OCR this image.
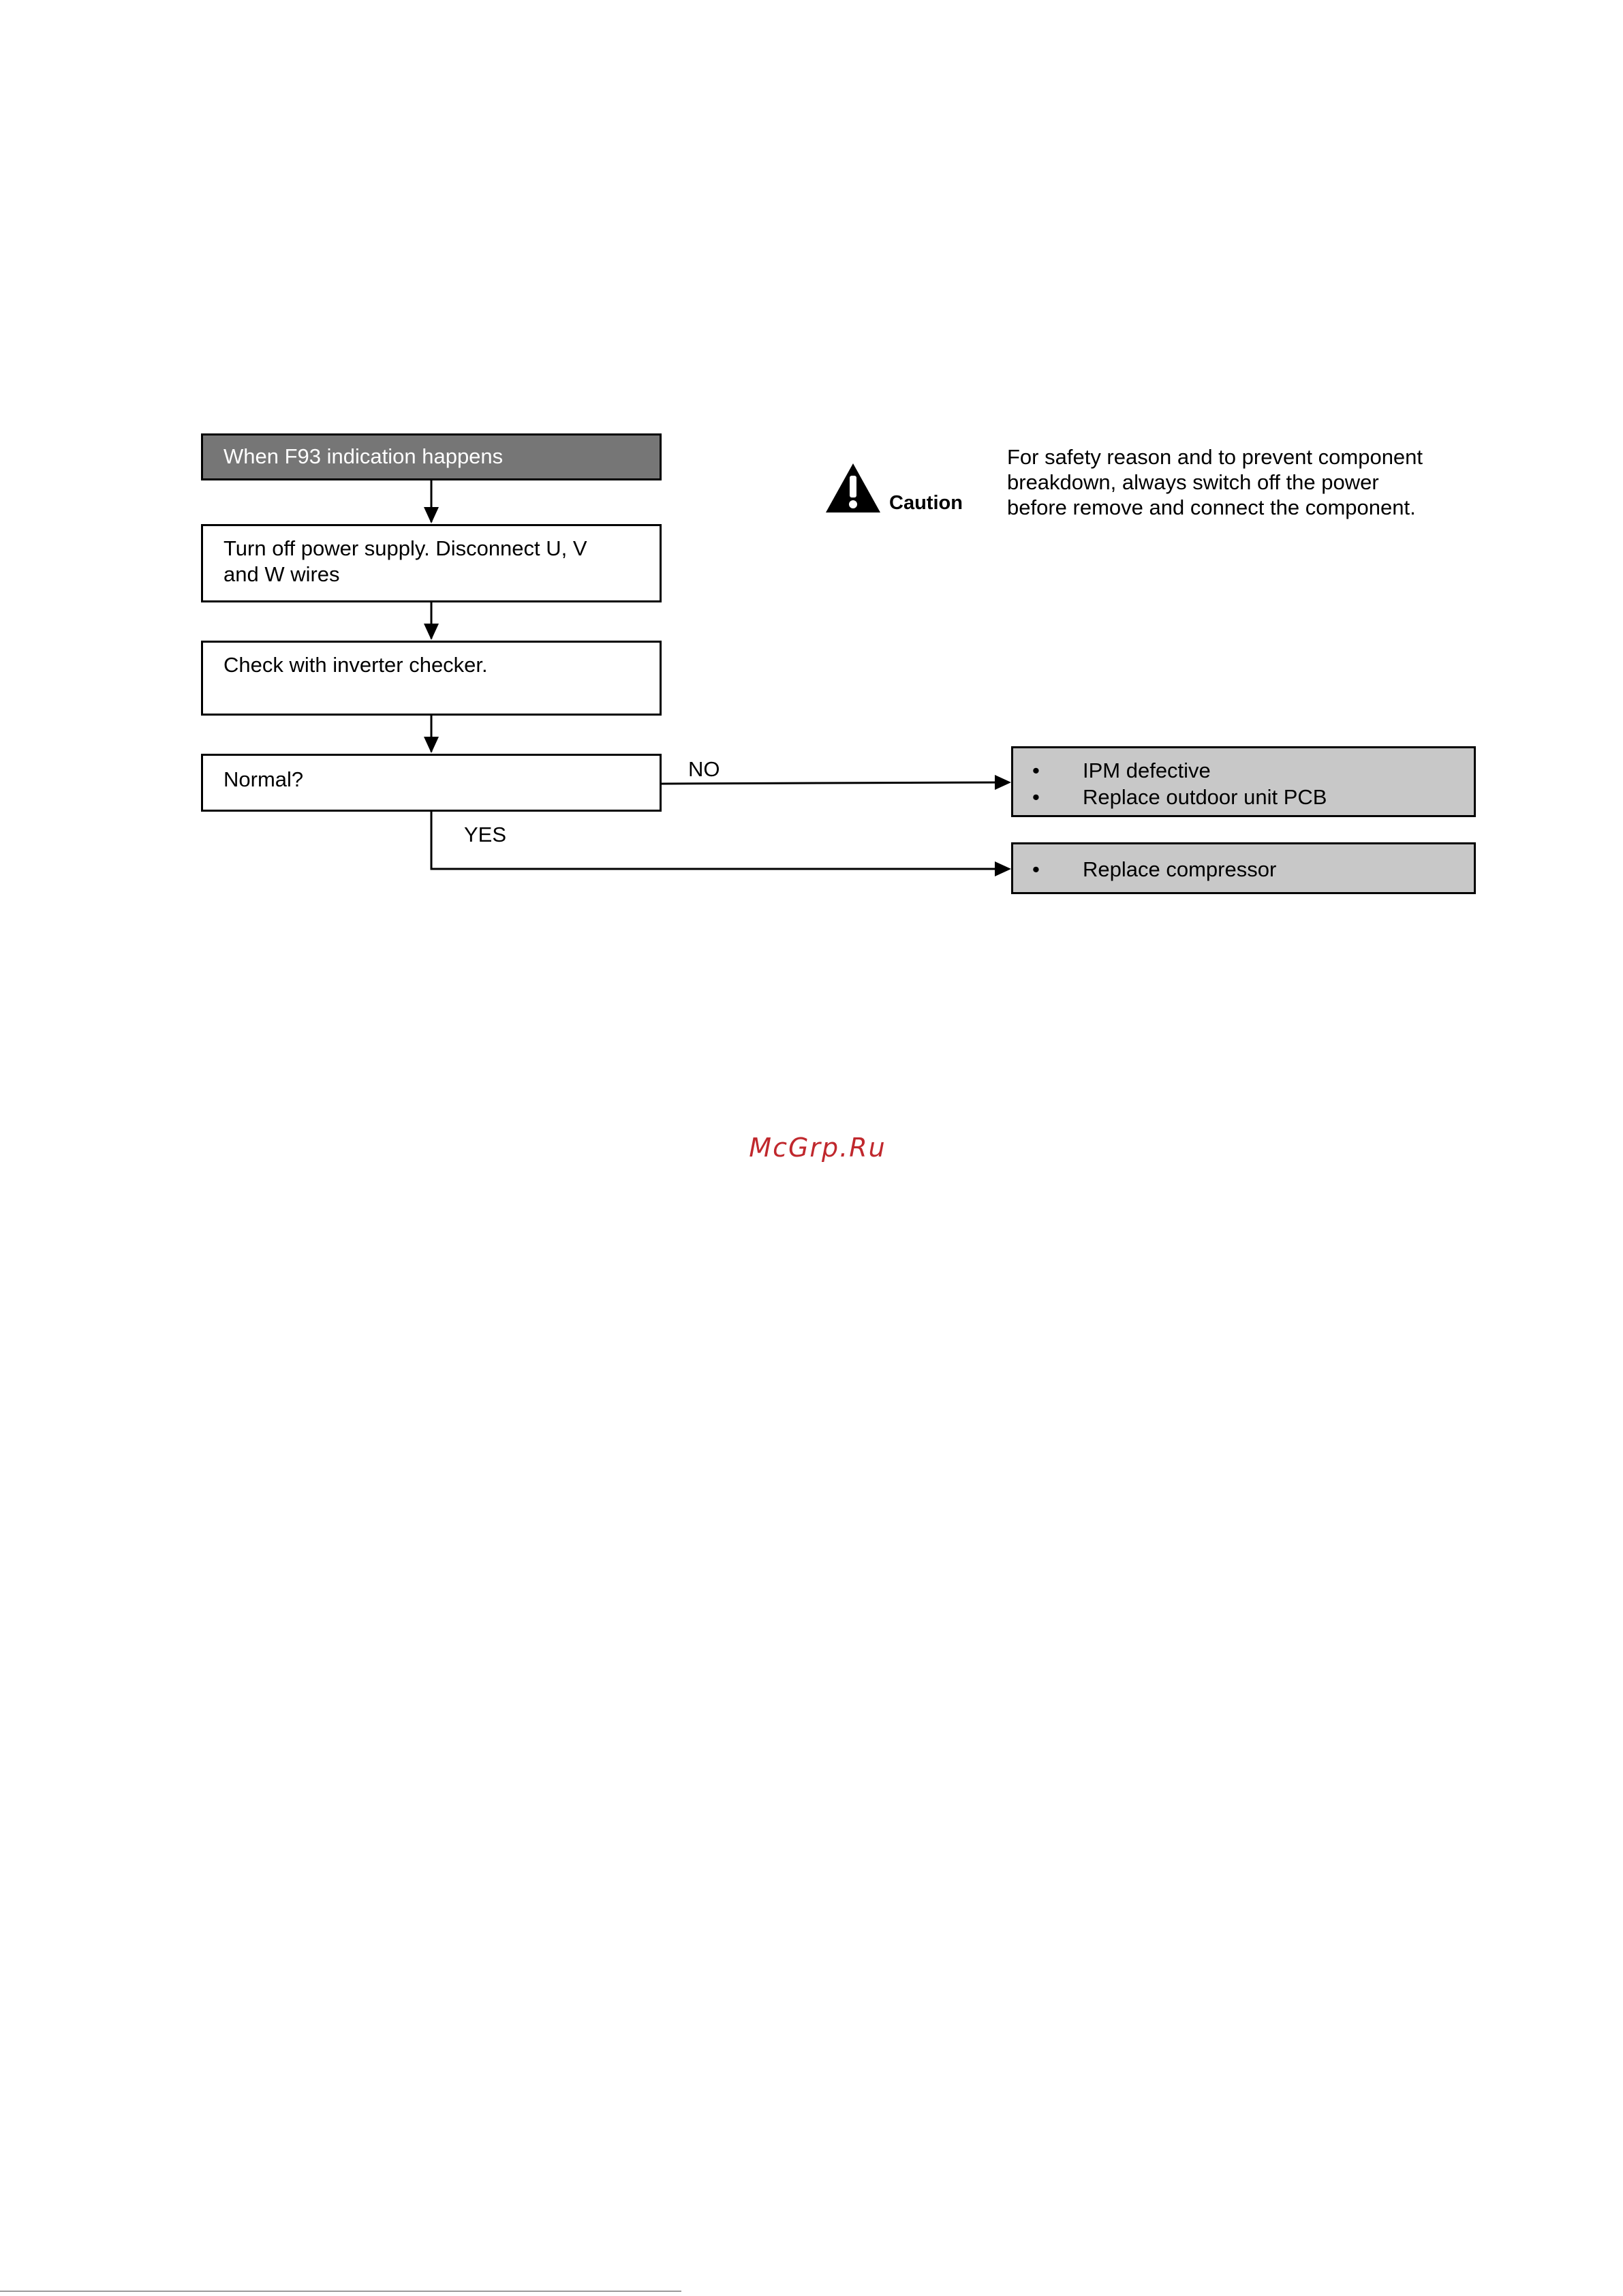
When F93 indication happens
Turn off power supply. Disconnect U, V
and W wires
Check with inverter checker.
Normal?	NO
YES
• IPM defective
• Replace outdoor unit PCB
• Replace compressor
Caution
For safety reason and to prevent component
breakdown, always switch off the power
before remove and connect the component.
McGrp.Ru
